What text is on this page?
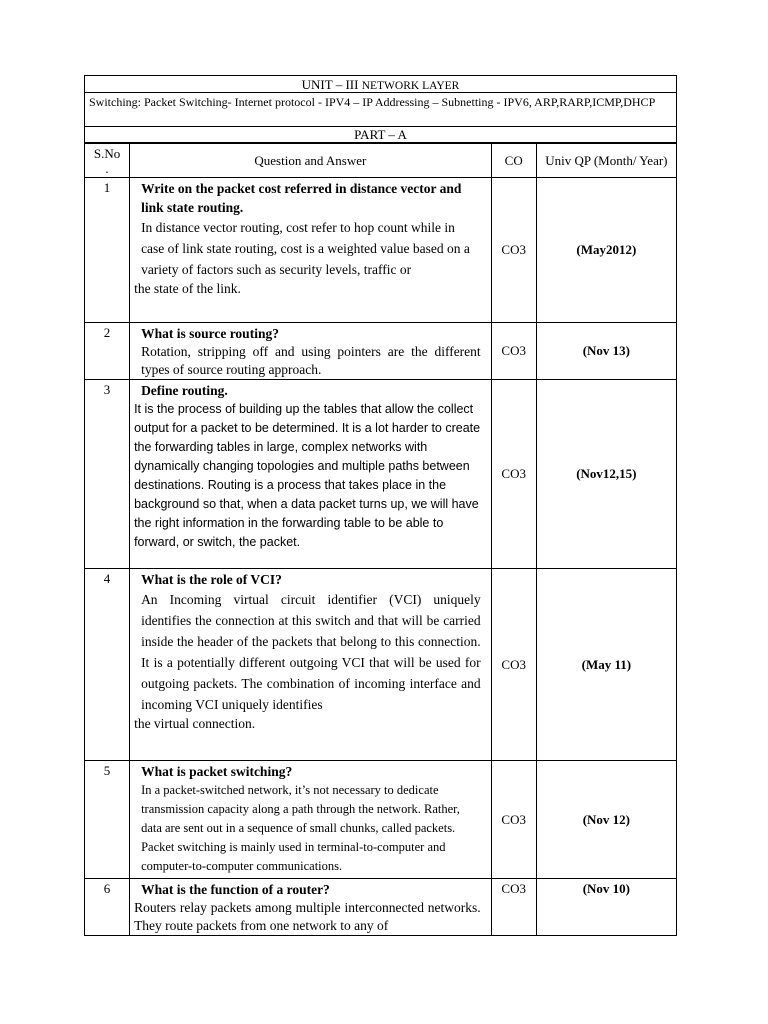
UNIT – III NETWORK LAYER
Switching: Packet Switching- Internet protocol - IPV4 – IP Addressing – Subnetting - IPV6, ARP,RARP,ICMP,DHCP
PART – A
S.No
.	Question and Answer	CO	Univ QP (Month/ Year)
1	Write on the packet cost referred in distance vector and link state routing.
In distance vector routing, cost refer to hop count while in case of link state routing, cost is a weighted value based on a variety of factors such as security levels, traffic or
the state of the link.	CO3	(May2012)
2	What is source routing?
Rotation, stripping off and using pointers are the different types of source routing approach.	CO3	(Nov 13)
3	Define routing.
It is the process of building up the tables that allow the collect output for a packet to be determined. It is a lot harder to create the forwarding tables in large, complex networks with dynamically changing topologies and multiple paths between destinations. Routing is a process that takes place in the background so that, when a data packet turns up, we will have the right information in the forwarding table to be able to forward, or switch, the packet.	CO3	(Nov12,15)
4	What is the role of VCI?
An Incoming virtual circuit identifier (VCI) uniquely identifies the connection at this switch and that will be carried inside the header of the packets that belong to this connection. It is a potentially different outgoing VCI that will be used for outgoing packets. The combination of incoming interface and incoming VCI uniquely identifies
the virtual connection.	CO3	(May 11)
5	What is packet switching?
In a packet-switched network, it’s not necessary to dedicate transmission capacity along a path through the network. Rather, data are sent out in a sequence of small chunks, called packets. Packet switching is mainly used in terminal-to-computer and computer-to-computer communications.	CO3	(Nov 12)
6	What is the function of a router?
Routers relay packets among multiple interconnected networks. They route packets from one network to any of	CO3	(Nov 10)
